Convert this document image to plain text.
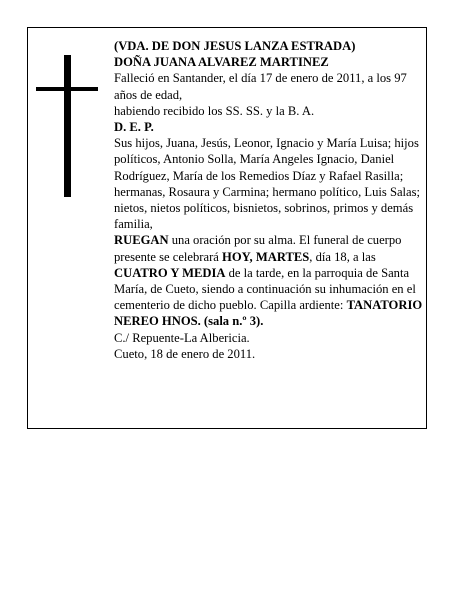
(VDA. DE DON JESUS LANZA ESTRADA)

DOÑA JUANA ALVAREZ MARTINEZ

Falleció en Santander, el día 17 de enero de 2011, a los 97 años de edad,

habiendo recibido los SS. SS. y la B. A.

D. E. P.

Sus hijos, Juana, Jesús, Leonor, Ignacio y María Luisa; hijos políticos, Antonio Solla, María Angeles Ignacio, Daniel Rodríguez, María de los Remedios Díaz y Rafael Rasilla; hermanas, Rosaura y Carmina; hermano político, Luis Salas; nietos, nietos políticos, bisnietos, sobrinos, primos y demás familia,

RUEGAN una oración por su alma. El funeral de cuerpo presente se celebrará HOY, MARTES, día 18, a las CUATRO Y MEDIA de la tarde, en la parroquia de Santa María, de Cueto, siendo a continuación su inhumación en el cementerio de dicho pueblo. Capilla ardiente: TANATORIO NEREO HNOS. (sala n.º 3).

C./ Repuente-La Albericia.

Cueto, 18 de enero de 2011.
